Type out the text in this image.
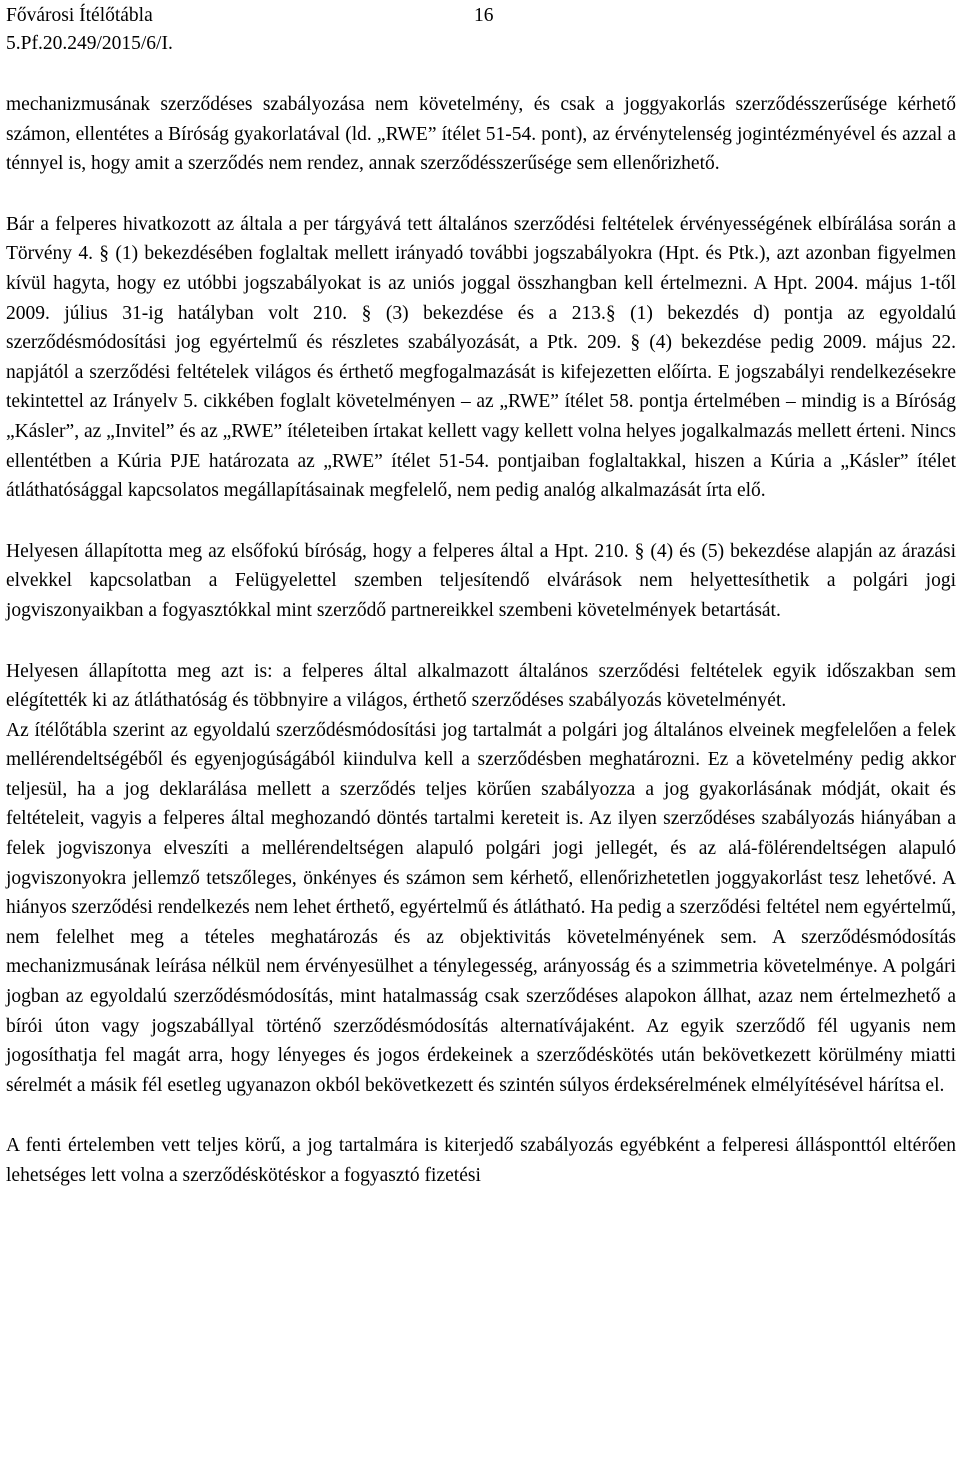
Fővárosi Ítélőtábla
5.Pf.20.249/2015/6/I.
16

mechanizmusának szerződéses szabályozása nem követelmény, és csak a joggyakorlás szerződésszerűsége kérhető számon, ellentétes a Bíróság gyakorlatával (ld. „RWE” ítélet 51-54. pont), az érvénytelenség jogintézményével és azzal a ténnyel is, hogy amit a szerződés nem rendez, annak szerződésszerűsége sem ellenőrizhető.

Bár a felperes hivatkozott az általa a per tárgyává tett általános szerződési feltételek érvényességének elbírálása során a Törvény 4. § (1) bekezdésében foglaltak mellett irányadó további jogszabályokra (Hpt. és Ptk.), azt azonban figyelmen kívül hagyta, hogy ez utóbbi jogszabályokat is az uniós joggal összhangban kell értelmezni. A Hpt. 2004. május 1-től 2009. július 31-ig hatályban volt 210. § (3) bekezdése és a 213.§ (1) bekezdés d) pontja az egyoldalú szerződésmódosítási jog egyértelmű és részletes szabályozását, a Ptk. 209. § (4) bekezdése pedig 2009. május 22. napjától a szerződési feltételek világos és érthető megfogalmazását is kifejezetten előírta. E jogszabályi rendelkezésekre tekintettel az Irányelv 5. cikkében foglalt követelményen – az „RWE” ítélet 58. pontja értelmében – mindig is a Bíróság „Kásler”, az „Invitel” és az „RWE” ítéleteiben írtakat kellett vagy kellett volna helyes jogalkalmazás mellett érteni. Nincs ellentétben a Kúria PJE határozata az „RWE” ítélet 51-54. pontjaiban foglaltakkal, hiszen a Kúria a „Kásler” ítélet átláthatósággal kapcsolatos megállapításainak megfelelő, nem pedig analóg alkalmazását írta elő.

Helyesen állapította meg az elsőfokú bíróság, hogy a felperes által a Hpt. 210. § (4) és (5) bekezdése alapján az árazási elvekkel kapcsolatban a Felügyelettel szemben teljesítendő elvárások nem helyettesíthetik a polgári jogi jogviszonyaikban a fogyasztókkal mint szerződő partnereikkel szembeni követelmények betartását.

Helyesen állapította meg azt is: a felperes által alkalmazott általános szerződési feltételek egyik időszakban sem elégítették ki az átláthatóság és többnyire a világos, érthető szerződéses szabályozás követelményét.

Az ítélőtábla szerint az egyoldalú szerződésmódosítási jog tartalmát a polgári jog általános elveinek megfelelően a felek mellérendeltségéből és egyenjogúságából kiindulva kell a szerződésben meghatározni. Ez a követelmény pedig akkor teljesül, ha a jog deklarálása mellett a szerződés teljes körűen szabályozza a jog gyakorlásának módját, okait és feltételeit, vagyis a felperes által meghozandó döntés tartalmi kereteit is. Az ilyen szerződéses szabályozás hiányában a felek jogviszonya elveszíti a mellérendeltségen alapuló polgári jogi jellegét, és az alá-fölérendeltségen alapuló jogviszonyokra jellemző tetszőleges, önkényes és számon sem kérhető, ellenőrizhetetlen joggyakorlást tesz lehetővé. A hiányos szerződési rendelkezés nem lehet érthető, egyértelmű és átlátható. Ha pedig a szerződési feltétel nem egyértelmű, nem felelhet meg a tételes meghatározás és az objektivitás követelményének sem. A szerződésmódosítás mechanizmusának leírása nélkül nem érvényesülhet a ténylegesség, arányosság és a szimmetria követelménye. A polgári jogban az egyoldalú szerződésmódosítás, mint hatalmasság csak szerződéses alapokon állhat, azaz nem értelmezhető a bírói úton vagy jogszabállyal történő szerződésmódosítás alternatívájaként. Az egyik szerződő fél ugyanis nem jogosíthatja fel magát arra, hogy lényeges és jogos érdekeinek a szerződéskötés után bekövetkezett körülmény miatti sérelmét a másik fél esetleg ugyanazon okból bekövetkezett és szintén súlyos érdeksérelmének elmélyítésével hárítsa el.

A fenti értelemben vett teljes körű, a jog tartalmára is kiterjedő szabályozás egyébként a felperesi állásponttól eltérően lehetséges lett volna a szerződéskötéskor a fogyasztó fizetési
